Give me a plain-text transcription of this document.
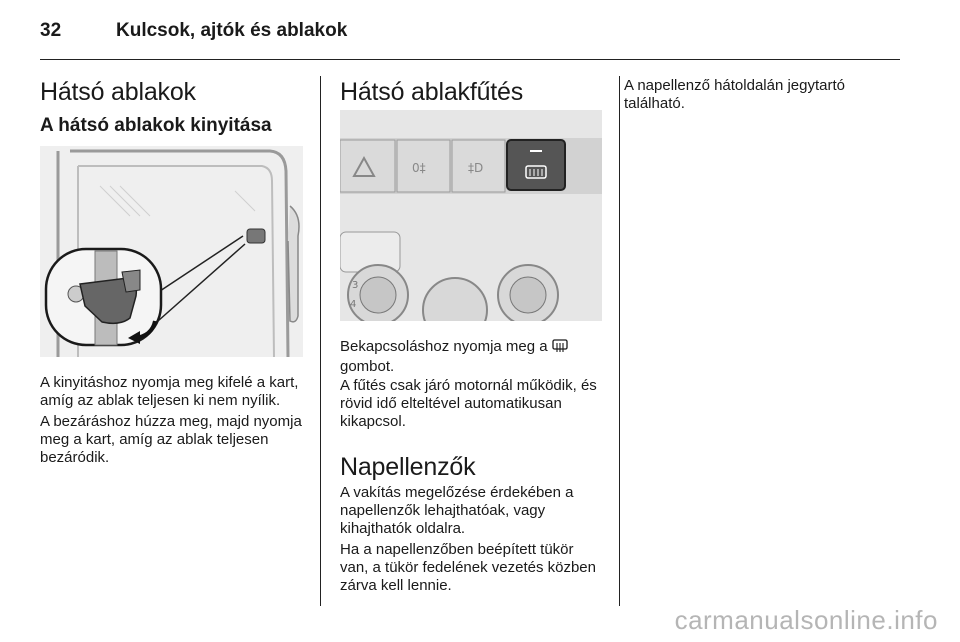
32	Kulcsok, ajtók és ablakok
Hátsó ablakok
A hátsó ablakok kinyitása

A kinyitáshoz nyomja meg kifelé a kart, amíg az ablak teljesen ki nem nyílik.

A bezáráshoz húzza meg, majd nyomja meg a kart, amíg az ablak teljesen bezáródik.

Hátsó ablakfűtés
0‡	‡D
3
4

Bekapcsoláshoz nyomja meg a  gombot.

A fűtés csak járó motornál működik, és rövid idő elteltével automatikusan kikapcsol.

Napellenzők

A vakítás megelőzése érdekében a napellenzők lehajthatóak, vagy kihajthatók oldalra.

Ha a napellenzőben beépített tükör van, a tükör fedelének vezetés közben zárva kell lennie.

A napellenző hátoldalán jegytartó található.

carmanualsonline.info
